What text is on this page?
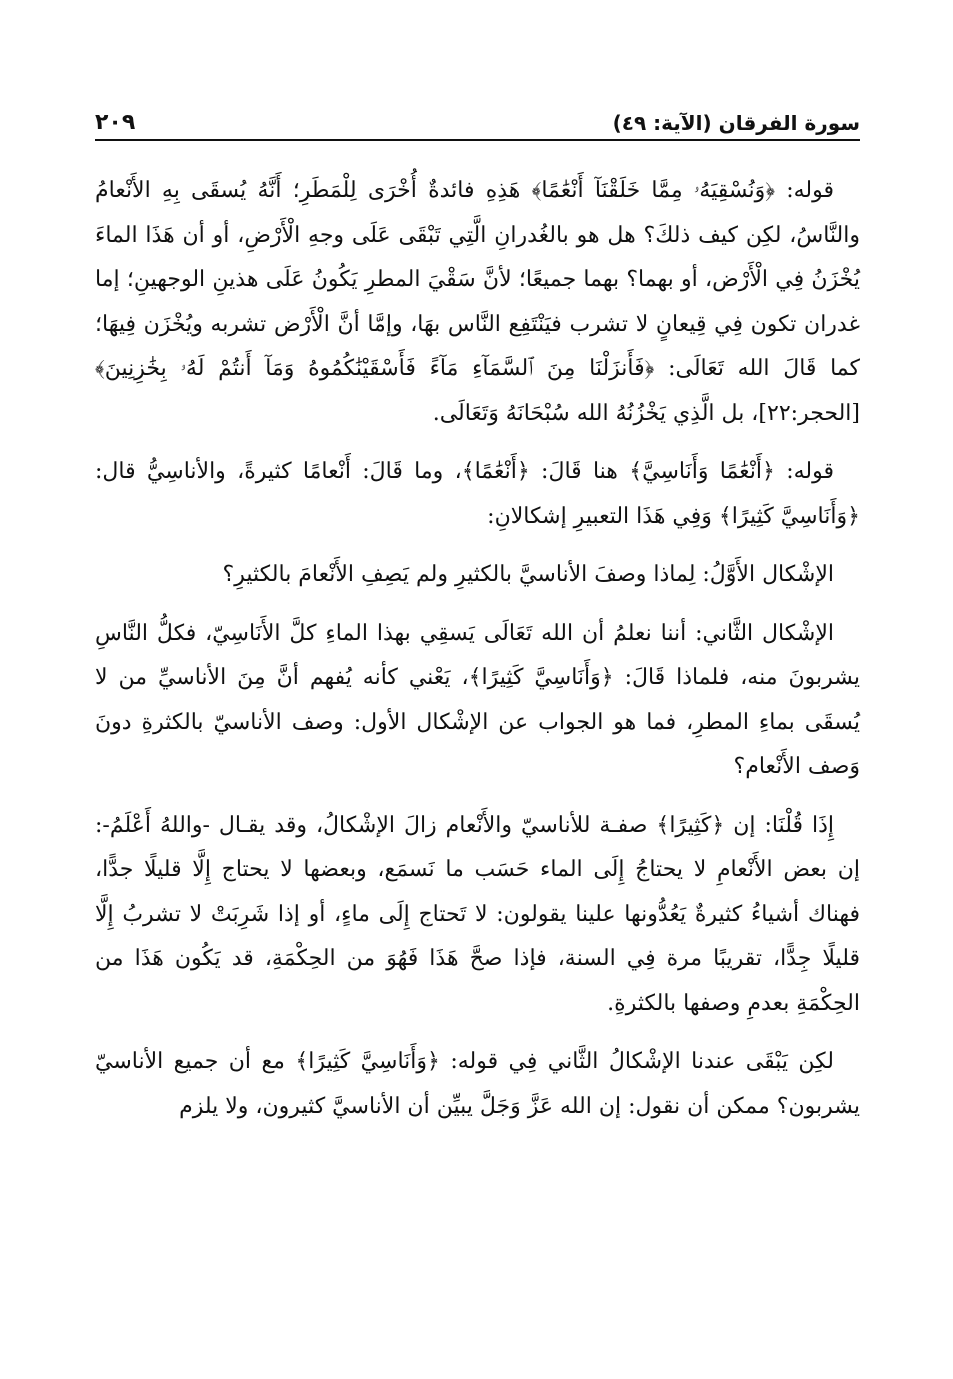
سورة الفرقان (الآية: ٤٩)
٢٠٩

قوله: ﴿وَنُسْقِيَهُۥ مِمَّا خَلَقْنَآ أَنْعَٰمًا﴾ هَذِهِ فائدةٌ أُخْرَى لِلْمَطَرِ؛ أَنَّهُ يُسقَى بِهِ الأَنْعامُ والنَّاسُ، لكِن كيف ذلكَ؟ هل هو بالغُدرانِ الَّتِي تَبْقَى عَلَى وجهِ الْأَرْضِ، أو أن هَذَا الماءَ يُخْزَنُ فِي الْأَرْض، أو بهما؟ بهما جميعًا؛ لأنَّ سَقْيَ المطرِ يَكُونُ عَلَى هذينِ الوجهينِ؛ إما غدران تكون فِي قِيعانٍ لا تشرب فيَنْتَفِع النَّاس بهَا، وإمَّا أنَّ الْأَرْض تشربه ويُخْزَن فِيهَا؛ كما قَالَ الله تَعَالَى: ﴿فَأَنزَلْنَا مِنَ ٱلسَّمَآءِ مَآءً فَأَسْقَيْنَٰكُمُوهُ وَمَآ أَنتُمْ لَهُۥ بِخَٰزِنِينَ﴾ [الحجر:٢٢]، بل الَّذِي يَخْزُنُهُ الله سُبْحَانَهُ وَتَعَالَى.

قوله: ﴿أَنْعَٰمًا وَأَنَاسِيَّ﴾ هنا قَالَ: ﴿أَنْعَٰمًا﴾، وما قَالَ: أَنْعامًا كثيرةً، والأناسِيُّ قال: ﴿وَأَنَاسِيَّ كَثِيرًا﴾ وَفِي هَذَا التعبيرِ إشكالانِ:

الإشْكال الأَوَّلُ: لِماذا وصفَ الأناسيَّ بالكثيرِ ولم يَصِفِ الأَنْعامَ بالكثيرِ؟

الإشْكال الثَّاني: أننا نعلمُ أن الله تَعَالَى يَسقِي بهذا الماءِ كلَّ الأَنَاسِيّ، فكلُّ النَّاسِ يشربونَ منه، فلماذا قَالَ: ﴿وَأَنَاسِيَّ كَثِيرًا﴾، يَعْني كأنه يُفهم أنَّ مِنَ الأناسيِّ من لا يُسقَى بماءِ المطرِ، فما هو الجواب عن الإشْكال الأول: وصف الأناسيّ بالكثرةِ دونَ وَصف الأَنْعام؟

إِذَا قُلْنَا: إن ﴿كَثِيرًا﴾ صفـة للأناسيّ والأَنْعام زالَ الإشْكالُ، وقد يقـال -واللهُ أَعْلَمُ-: إن بعض الأَنْعامِ لا يحتاجُ إِلَى الماء حَسَب ما نَسمَع، وبعضها لا يحتاج إِلَّا قليلًا جدًّا، فهناك أشياءُ كثيرةٌ يَعُدُّونها علينا يقولون: لا تَحتاج إِلَى ماءٍ، أو إذا شَرِبَتْ لا تشربُ إِلَّا قليلًا جِدًّا، تقريبًا مرة فِي السنة، فإذا صحَّ هَذَا فَهُوَ من الحِكْمَةِ، قد يَكُون هَذَا من الحِكْمَةِ بعدمِ وصفها بالكثرةِ.

لكِن يَبْقَى عندنا الإشْكالُ الثَّاني فِي قوله: ﴿وَأَنَاسِيَّ كَثِيرًا﴾ مع أن جميع الأناسيّ يشربون؟ ممكن أن نقول: إن الله عَزَّ وَجَلَّ يبيِّن أن الأناسيَّ كثيرون، ولا يلزم
